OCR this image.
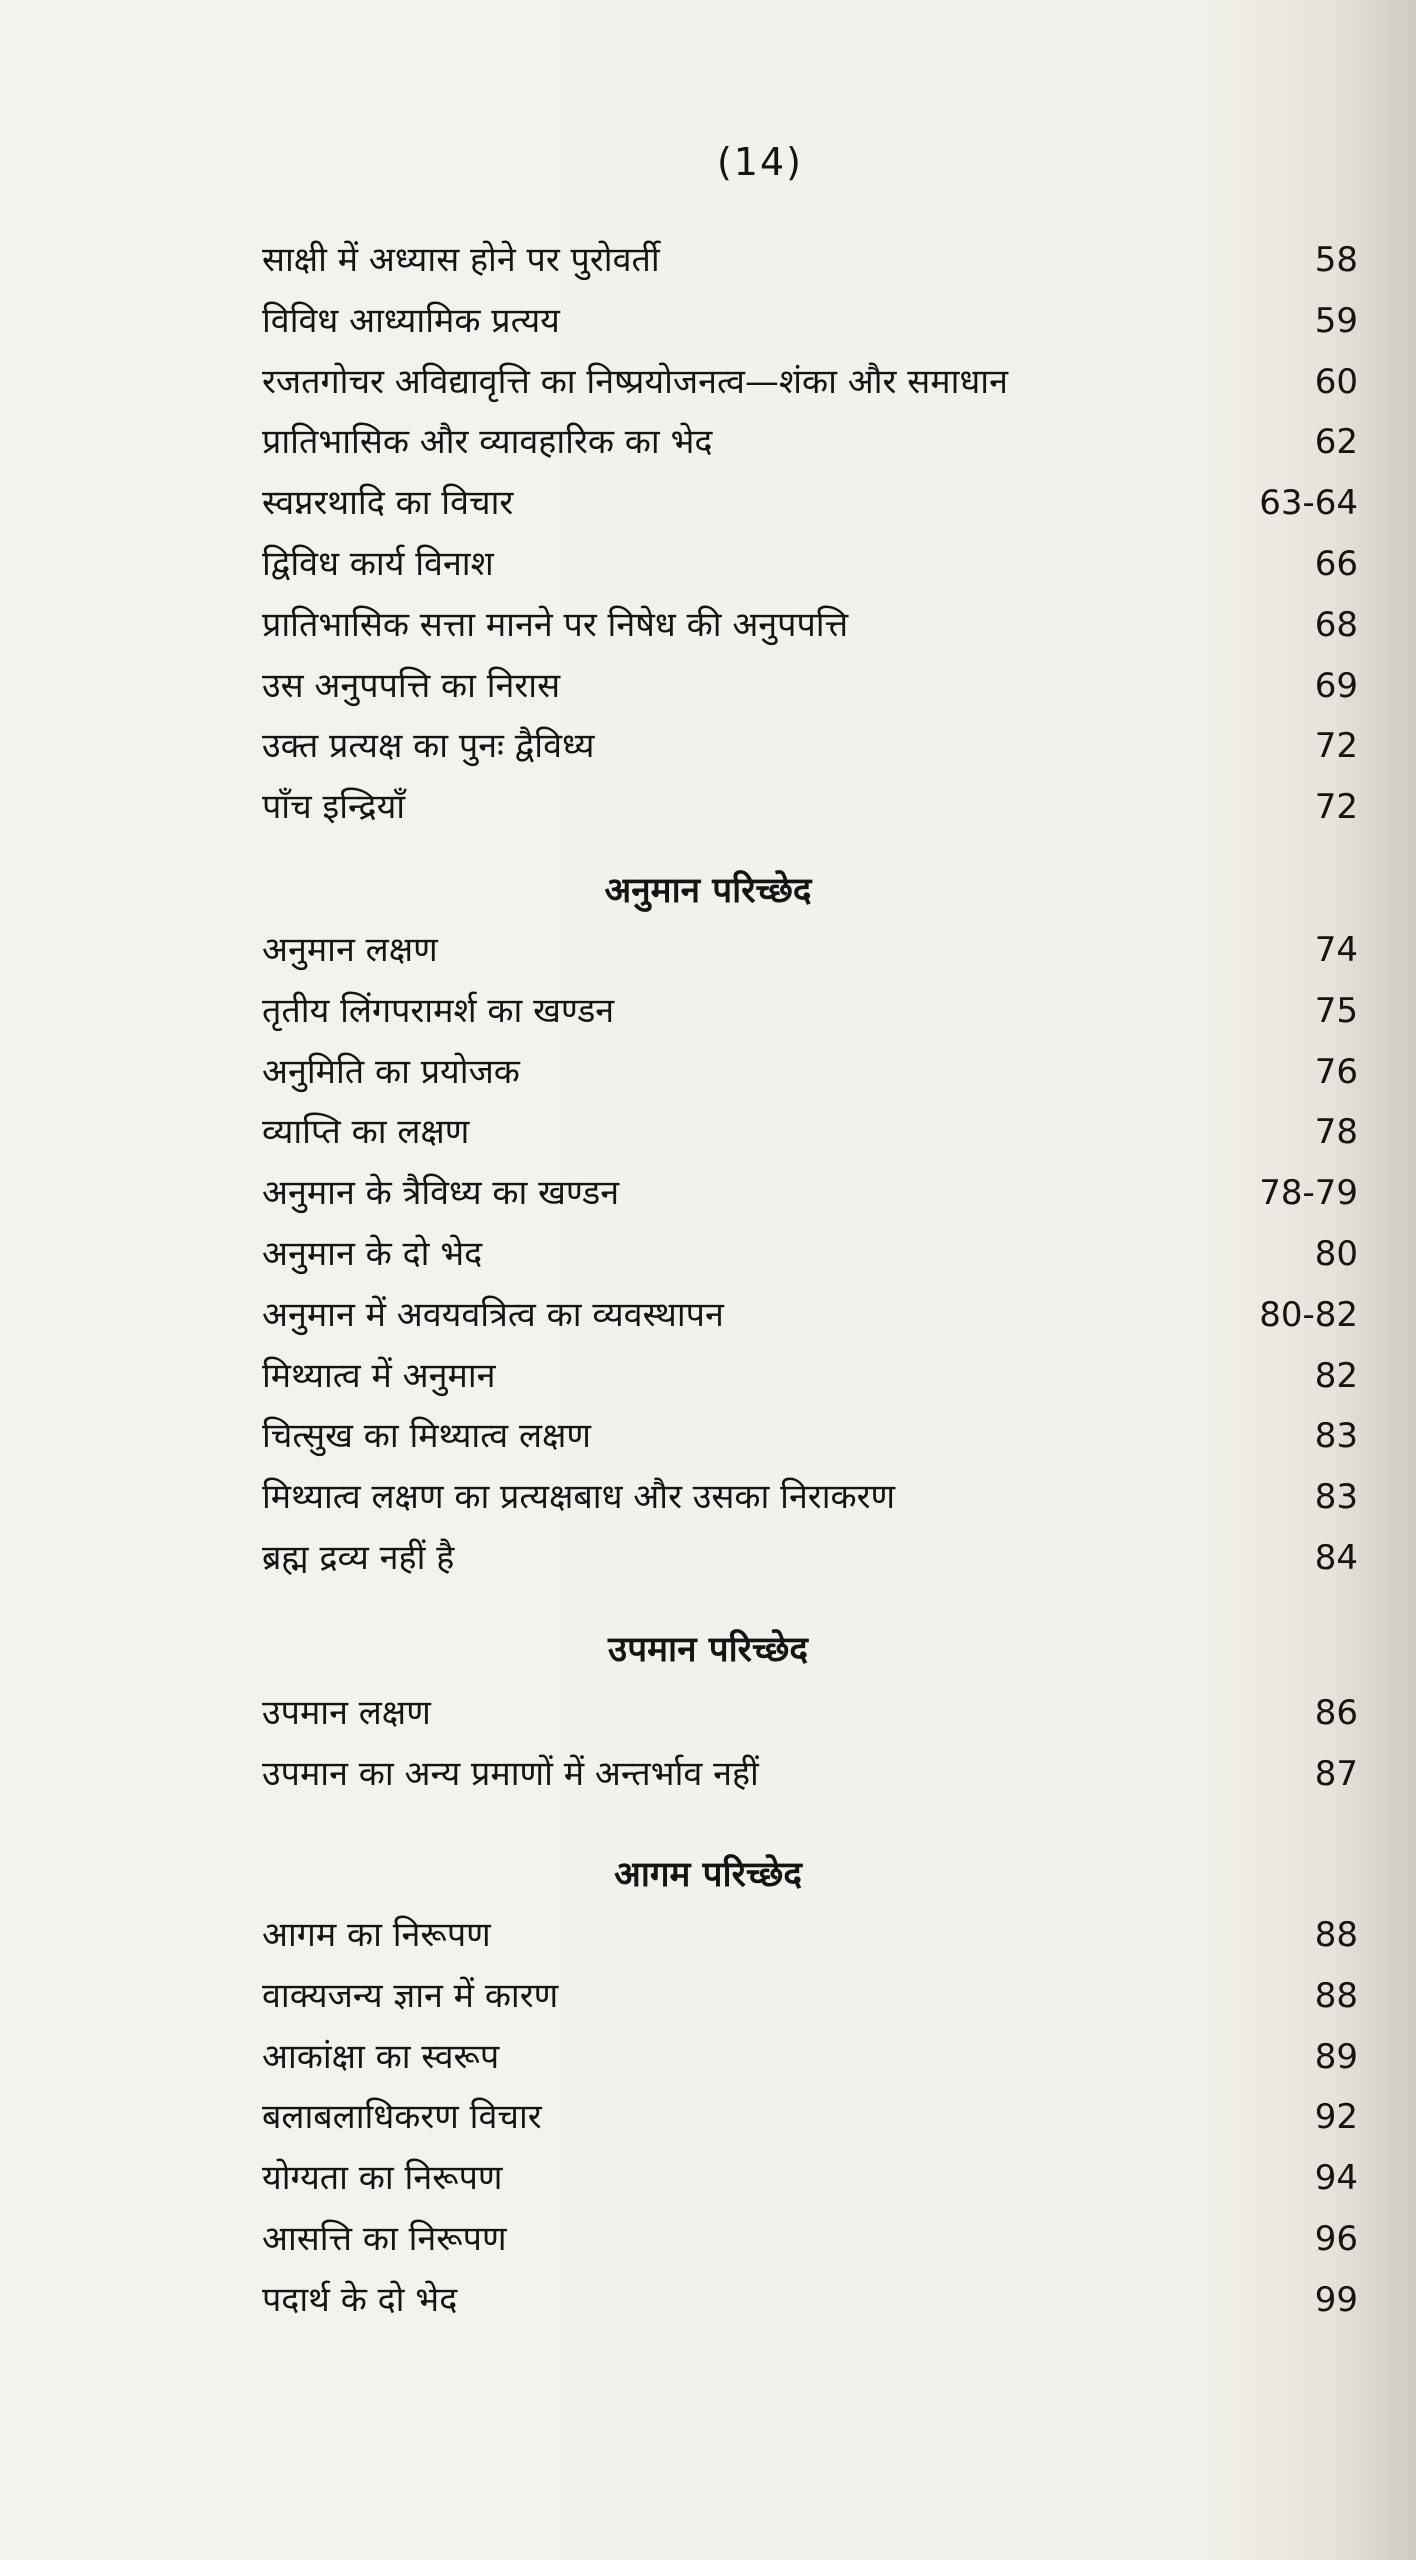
(14)
साक्षी में अध्यास होने पर पुरोवर्ती	58
विविध आध्यामिक प्रत्यय	59
रजतगोचर अविद्यावृत्ति का निष्प्रयोजनत्व—शंका और समाधान	60
प्रातिभासिक और व्यावहारिक का भेद	62
स्वप्नरथादि का विचार	63-64
द्विविध कार्य विनाश	66
प्रातिभासिक सत्ता मानने पर निषेध की अनुपपत्ति	68
उस अनुपपत्ति का निरास	69
उक्त प्रत्यक्ष का पुनः द्वैविध्य	72
पाँच इन्द्रियाँ	72
अनुमान परिच्छेद
अनुमान लक्षण	74
तृतीय लिंगपरामर्श का खण्डन	75
अनुमिति का प्रयोजक	76
व्याप्ति का लक्षण	78
अनुमान के त्रैविध्य का खण्डन	78-79
अनुमान के दो भेद	80
अनुमान में अवयवत्रित्व का व्यवस्थापन	80-82
मिथ्यात्व में अनुमान	82
चित्सुख का मिथ्यात्व लक्षण	83
मिथ्यात्व लक्षण का प्रत्यक्षबाध और उसका निराकरण	83
ब्रह्म द्रव्य नहीं है	84
उपमान परिच्छेद
उपमान लक्षण	86
उपमान का अन्य प्रमाणों में अन्तर्भाव नहीं	87
आगम परिच्छेद
आगम का निरूपण	88
वाक्यजन्य ज्ञान में कारण	88
आकांक्षा का स्वरूप	89
बलाबलाधिकरण विचार	92
योग्यता का निरूपण	94
आसत्ति का निरूपण	96
पदार्थ के दो भेद	99
